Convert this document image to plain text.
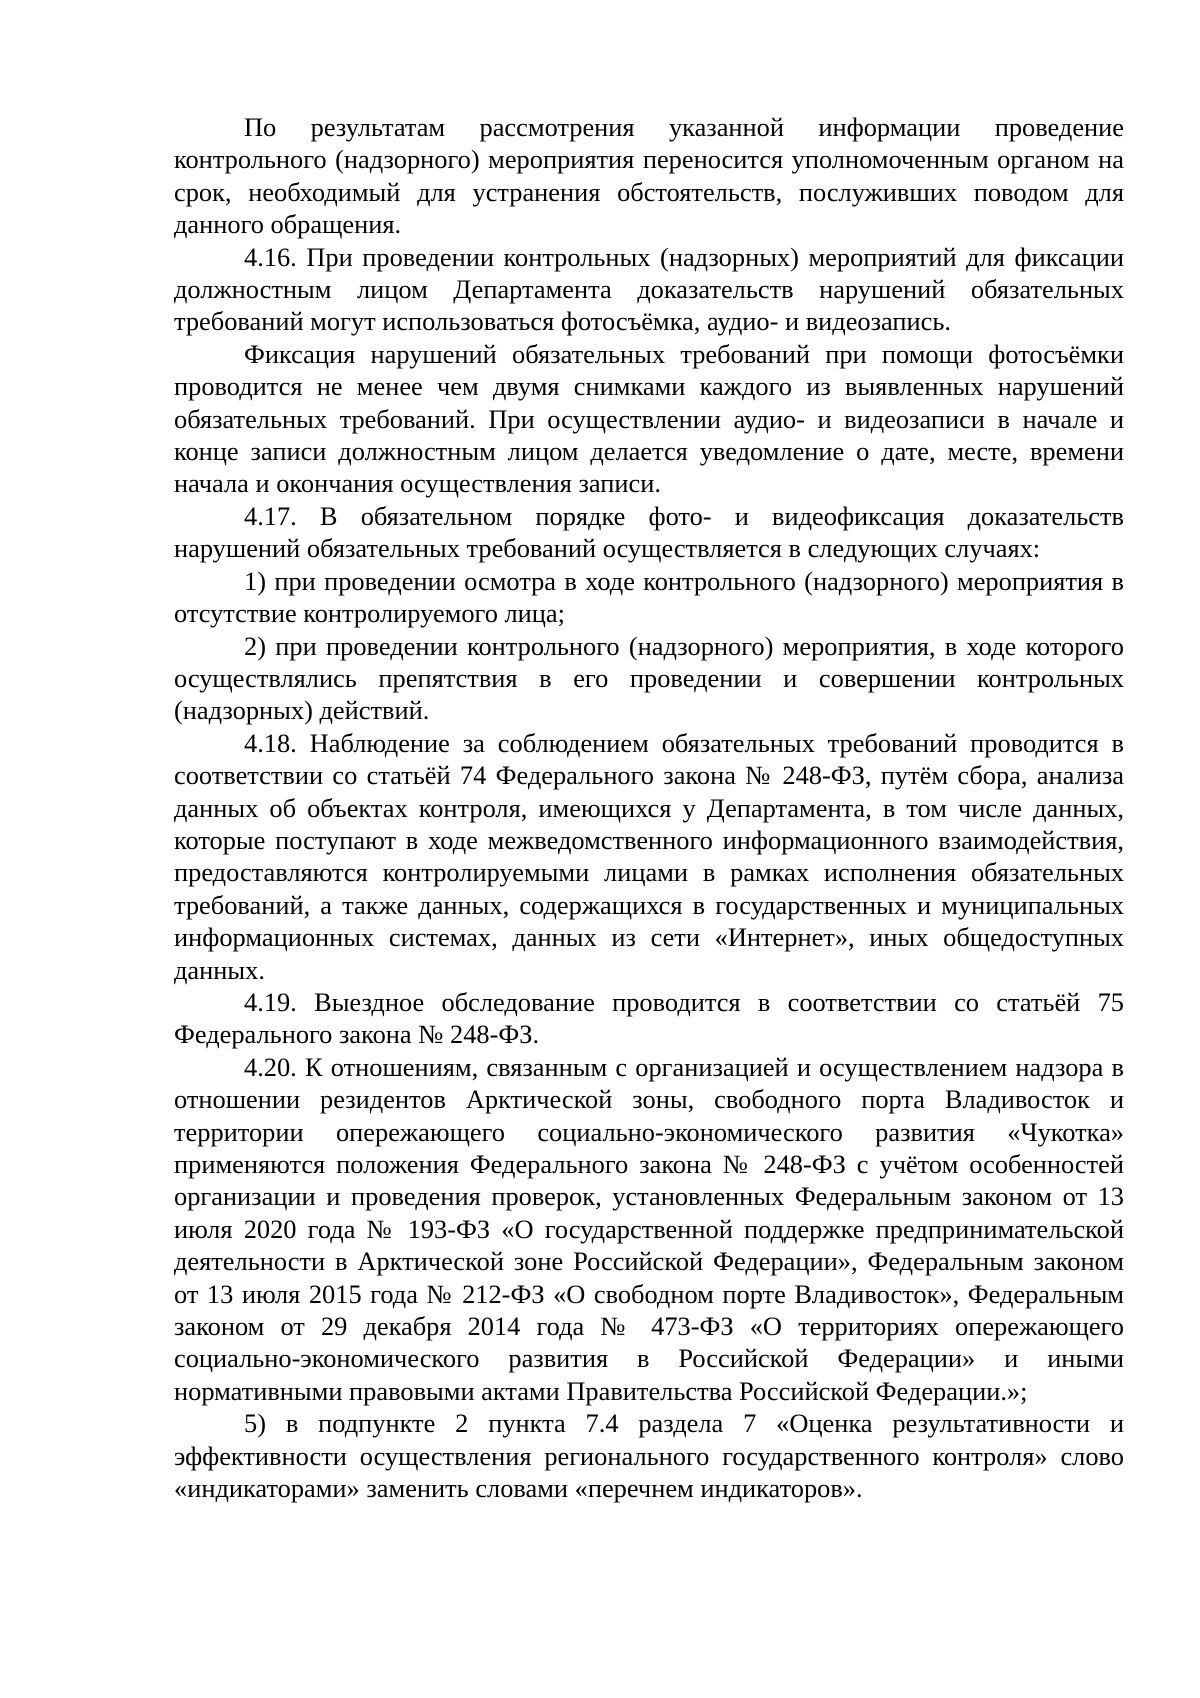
По результатам рассмотрения указанной информации проведение контрольного (надзорного) мероприятия переносится уполномоченным органом на срок, необходимый для устранения обстоятельств, послуживших поводом для данного обращения.

4.16. При проведении контрольных (надзорных) мероприятий для фиксации должностным лицом Департамента доказательств нарушений обязательных требований могут использоваться фотосъёмка, аудио- и видеозапись.

Фиксация нарушений обязательных требований при помощи фотосъёмки проводится не менее чем двумя снимками каждого из выявленных нарушений обязательных требований. При осуществлении аудио- и видеозаписи в начале и конце записи должностным лицом делается уведомление о дате, месте, времени начала и окончания осуществления записи.

4.17. В обязательном порядке фото- и видеофиксация доказательств нарушений обязательных требований осуществляется в следующих случаях:

1) при проведении осмотра в ходе контрольного (надзорного) мероприятия в отсутствие контролируемого лица;

2) при проведении контрольного (надзорного) мероприятия, в ходе которого осуществлялись препятствия в его проведении и совершении контрольных (надзорных) действий.

4.18. Наблюдение за соблюдением обязательных требований проводится в соответствии со статьёй 74 Федерального закона № 248-ФЗ, путём сбора, анализа данных об объектах контроля, имеющихся у Департамента, в том числе данных, которые поступают в ходе межведомственного информационного взаимодействия, предоставляются контролируемыми лицами в рамках исполнения обязательных требований, а также данных, содержащихся в государственных и муниципальных информационных системах, данных из сети «Интернет», иных общедоступных данных.

4.19. Выездное обследование проводится в соответствии со статьёй 75 Федерального закона № 248-ФЗ.

4.20. К отношениям, связанным с организацией и осуществлением надзора в отношении резидентов Арктической зоны, свободного порта Владивосток и территории опережающего социально-экономического развития «Чукотка» применяются положения Федерального закона № 248-ФЗ с учётом особенностей организации и проведения проверок, установленных Федеральным законом от 13 июля 2020 года № 193-ФЗ «О государственной поддержке предпринимательской деятельности в Арктической зоне Российской Федерации», Федеральным законом от 13 июля 2015 года № 212-ФЗ «О свободном порте Владивосток», Федеральным законом от 29 декабря 2014 года № 473-ФЗ «О территориях опережающего социально-экономического развития в Российской Федерации» и иными нормативными правовыми актами Правительства Российской Федерации.»;

5) в подпункте 2 пункта 7.4 раздела 7 «Оценка результативности и эффективности осуществления регионального государственного контроля» слово «индикаторами» заменить словами «перечнем индикаторов».
